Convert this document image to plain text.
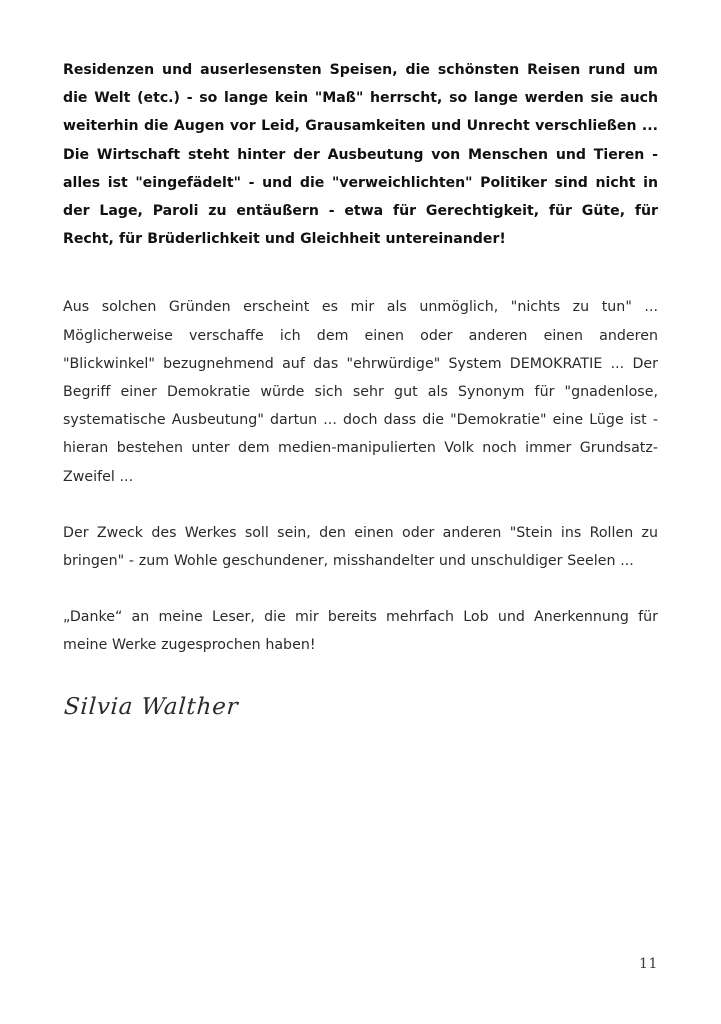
Residenzen und auserlesensten Speisen, die schönsten Reisen rund um die Welt (etc.) - so lange kein "Maß" herrscht, so lange werden sie auch weiterhin die Augen vor Leid, Grausamkeiten und Unrecht verschließen ... Die Wirtschaft steht hinter der Ausbeutung von Menschen und Tieren - alles ist "eingefädelt" - und die "verweichlichten" Politiker sind nicht in der Lage, Paroli zu entäußern - etwa für Gerechtigkeit, für Güte, für Recht, für Brüderlichkeit und Gleichheit untereinander!

Aus solchen Gründen erscheint es mir als unmöglich, "nichts zu tun" ... Möglicherweise verschaffe ich dem einen oder anderen einen anderen "Blickwinkel" bezugnehmend auf das "ehrwürdige" System DEMOKRATIE ... Der Begriff einer Demokratie würde sich sehr gut als Synonym für "gnadenlose, systematische Ausbeutung" dartun ... doch dass die "Demokratie" eine Lüge ist - hieran bestehen unter dem medien-manipulierten Volk noch immer Grundsatz-Zweifel ...

Der Zweck des Werkes soll sein, den einen oder anderen "Stein ins Rollen zu bringen" - zum Wohle geschundener, misshandelter und unschuldiger Seelen ...

„Danke“ an meine Leser, die mir bereits mehrfach Lob und Anerkennung für meine Werke zugesprochen haben!

Silvia Walther
11
